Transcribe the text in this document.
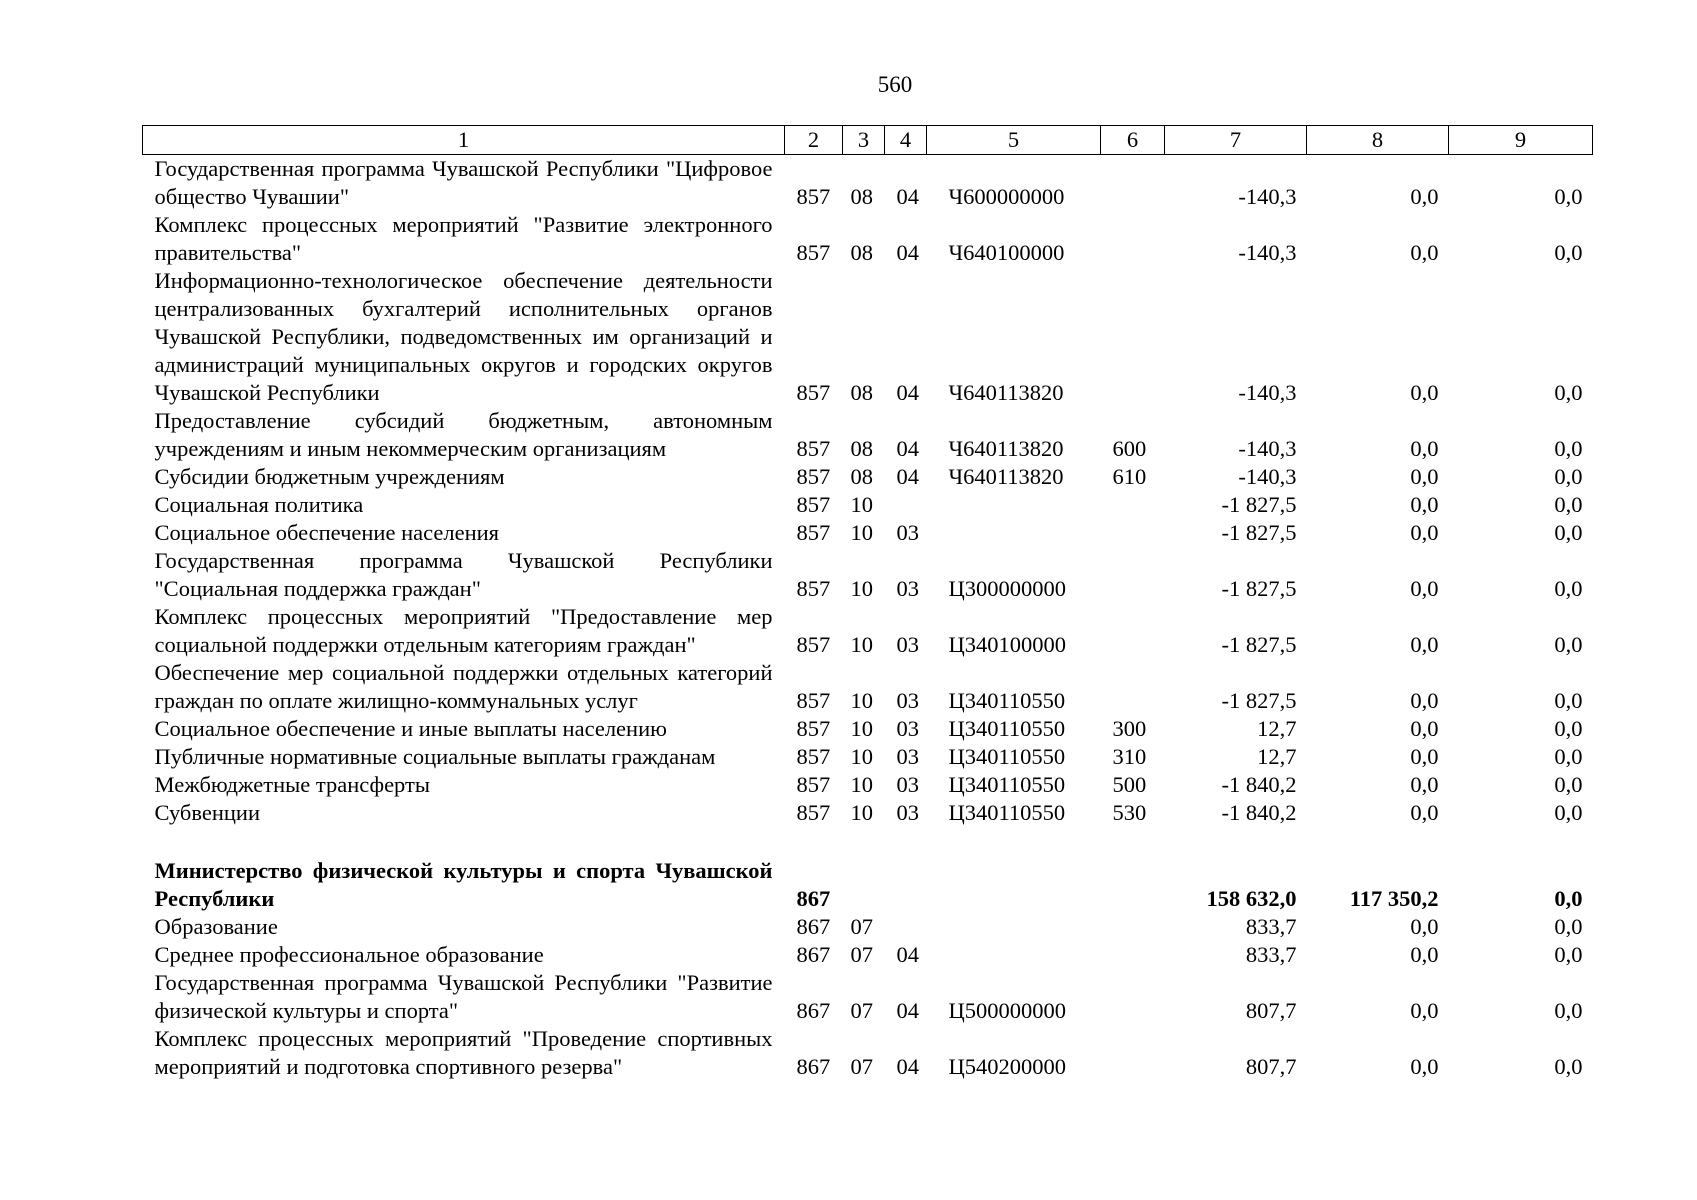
560
1	2	3	4	5	6	7	8	9
Государственная программа Чувашской Республики "Цифровое общество Чувашии"	857	08	04	Ч600000000		-140,3	0,0	0,0
Комплекс процессных мероприятий "Развитие электронного правительства"	857	08	04	Ч640100000		-140,3	0,0	0,0
Информационно-технологическое обеспечение деятельности централизованных бухгалтерий исполнительных органов Чувашской Республики, подведомственных им организаций и администраций муниципальных округов и городских округов Чувашской Республики	857	08	04	Ч640113820		-140,3	0,0	0,0
Предоставление субсидий бюджетным, автономным учреждениям и иным некоммерческим организациям	857	08	04	Ч640113820	600	-140,3	0,0	0,0
Субсидии бюджетным учреждениям	857	08	04	Ч640113820	610	-140,3	0,0	0,0
Социальная политика	857	10				-1 827,5	0,0	0,0
Социальное обеспечение населения	857	10	03			-1 827,5	0,0	0,0
Государственная программа Чувашской Республики "Социальная поддержка граждан"	857	10	03	Ц300000000		-1 827,5	0,0	0,0
Комплекс процессных мероприятий "Предоставление мер социальной поддержки отдельным категориям граждан"	857	10	03	Ц340100000		-1 827,5	0,0	0,0
Обеспечение мер социальной поддержки отдельных категорий граждан по оплате жилищно-коммунальных услуг	857	10	03	Ц340110550		-1 827,5	0,0	0,0
Социальное обеспечение и иные выплаты населению	857	10	03	Ц340110550	300	12,7	0,0	0,0
Публичные нормативные социальные выплаты гражданам	857	10	03	Ц340110550	310	12,7	0,0	0,0
Межбюджетные трансферты	857	10	03	Ц340110550	500	-1 840,2	0,0	0,0
Субвенции	857	10	03	Ц340110550	530	-1 840,2	0,0	0,0

Министерство физической культуры и спорта Чувашской Республики	867					158 632,0	117 350,2	0,0
Образование	867	07				833,7	0,0	0,0
Среднее профессиональное образование	867	07	04			833,7	0,0	0,0
Государственная программа Чувашской Республики "Развитие физической культуры и спорта"	867	07	04	Ц500000000		807,7	0,0	0,0
Комплекс процессных мероприятий "Проведение спортивных мероприятий и подготовка спортивного резерва"	867	07	04	Ц540200000		807,7	0,0	0,0
